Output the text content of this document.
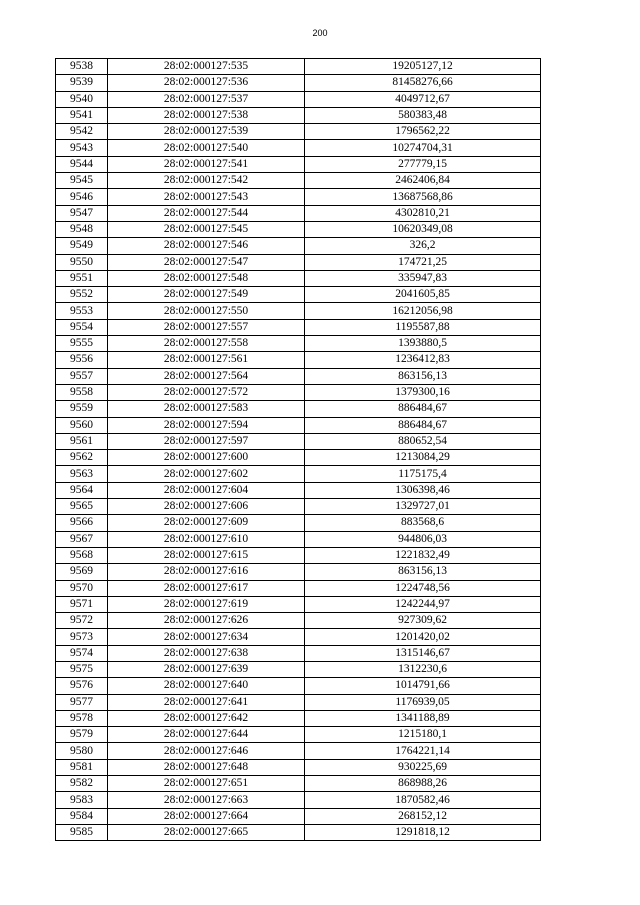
200
9538	28:02:000127:535	19205127,12
9539	28:02:000127:536	81458276,66
9540	28:02:000127:537	4049712,67
9541	28:02:000127:538	580383,48
9542	28:02:000127:539	1796562,22
9543	28:02:000127:540	10274704,31
9544	28:02:000127:541	277779,15
9545	28:02:000127:542	2462406,84
9546	28:02:000127:543	13687568,86
9547	28:02:000127:544	4302810,21
9548	28:02:000127:545	10620349,08
9549	28:02:000127:546	326,2
9550	28:02:000127:547	174721,25
9551	28:02:000127:548	335947,83
9552	28:02:000127:549	2041605,85
9553	28:02:000127:550	16212056,98
9554	28:02:000127:557	1195587,88
9555	28:02:000127:558	1393880,5
9556	28:02:000127:561	1236412,83
9557	28:02:000127:564	863156,13
9558	28:02:000127:572	1379300,16
9559	28:02:000127:583	886484,67
9560	28:02:000127:594	886484,67
9561	28:02:000127:597	880652,54
9562	28:02:000127:600	1213084,29
9563	28:02:000127:602	1175175,4
9564	28:02:000127:604	1306398,46
9565	28:02:000127:606	1329727,01
9566	28:02:000127:609	883568,6
9567	28:02:000127:610	944806,03
9568	28:02:000127:615	1221832,49
9569	28:02:000127:616	863156,13
9570	28:02:000127:617	1224748,56
9571	28:02:000127:619	1242244,97
9572	28:02:000127:626	927309,62
9573	28:02:000127:634	1201420,02
9574	28:02:000127:638	1315146,67
9575	28:02:000127:639	1312230,6
9576	28:02:000127:640	1014791,66
9577	28:02:000127:641	1176939,05
9578	28:02:000127:642	1341188,89
9579	28:02:000127:644	1215180,1
9580	28:02:000127:646	1764221,14
9581	28:02:000127:648	930225,69
9582	28:02:000127:651	868988,26
9583	28:02:000127:663	1870582,46
9584	28:02:000127:664	268152,12
9585	28:02:000127:665	1291818,12
